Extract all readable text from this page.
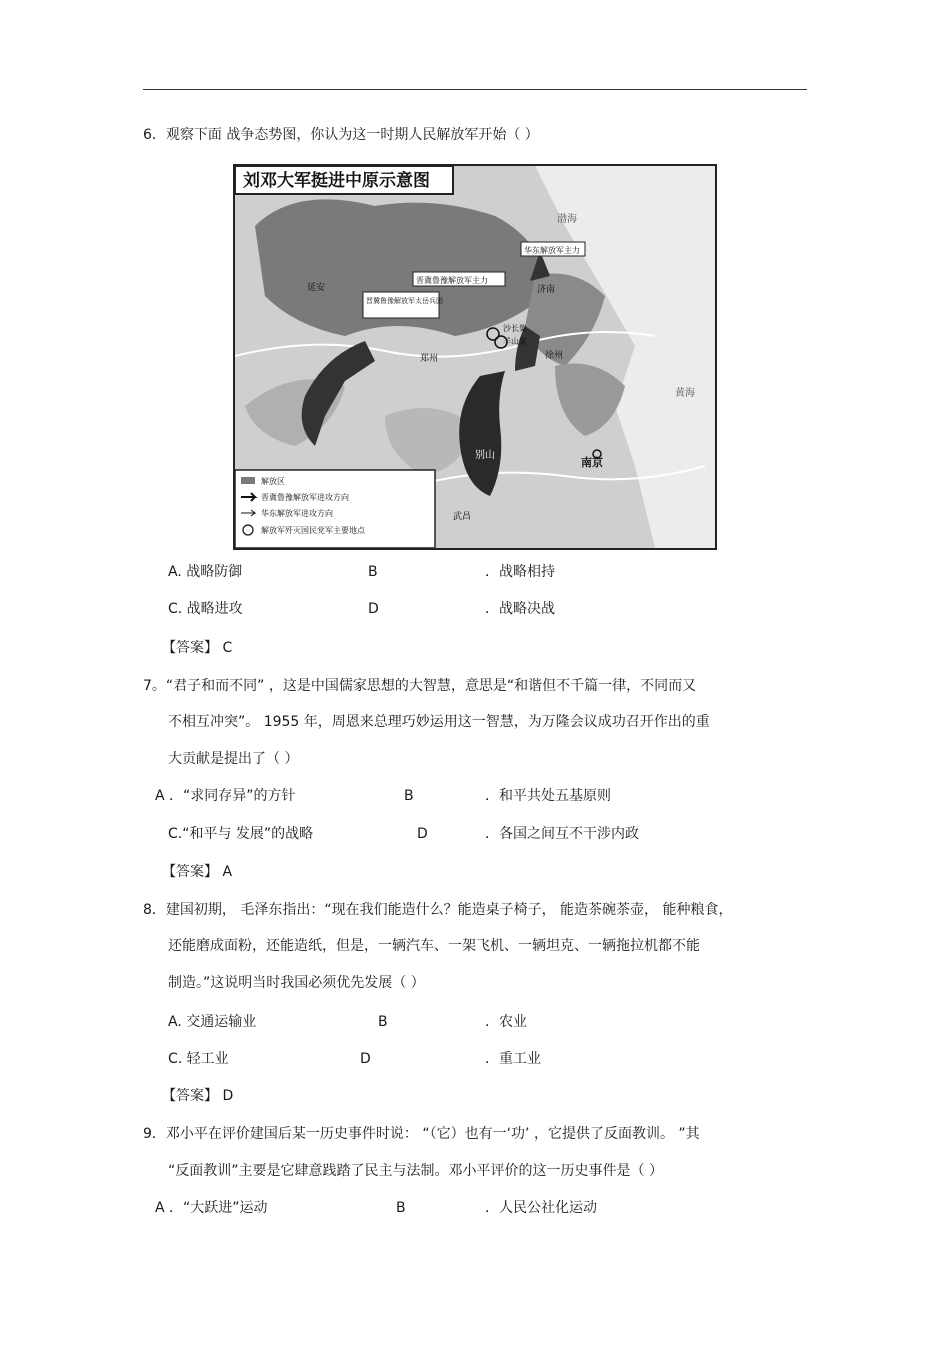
6．观察下面 战争态势图，你认为这一时期人民解放军开始（ ）
刘邓大军挺进中原示意图
延安	济南
郑州	徐州
南京
武昌
沙长集
羊山集
渤海
黄海
别山
晋冀鲁豫解放军主力
晋冀鲁豫解放军太岳兵团
华东解放军主力
解放区
晋冀鲁豫解放军进攻方向
华东解放军进攻方向
解放军歼灭国民党军主要地点
A. 战略防御	B	．战略相持
C. 战略进攻	D	．战略决战
【答案】 C
7。“君子和而不同” ，这是中国儒家思想的大智慧，意思是“和谐但不千篇一律，不同而又
不相互冲突”。 1955 年，周恩来总理巧妙运用这一智慧，为万隆会议成功召开作出的重
大贡献是提出了（ ）
A ．“求同存异”的方针	B	．和平共处五基原则
C.“和平与 发展”的战略	D	．各国之间互不干涉内政
【答案】 A
8．建国初期， 毛泽东指出：“现在我们能造什么？能造桌子椅子， 能造茶碗茶壶， 能种粮食，
还能磨成面粉，还能造纸，但是，一辆汽车、一架飞机、一辆坦克、一辆拖拉机都不能
制造。”这说明当时我国必须优先发展（ ）
A. 交通运输业	B	．农业
C. 轻工业	D	．重工业
【答案】 D
9．邓小平在评价建国后某一历史事件时说： “（它）也有一‘功’ ，它提供了反面教训。 ”其
“反面教训”主要是它肆意践踏了民主与法制。邓小平评价的这一历史事件是（ ）
A ．“大跃进”运动	B	．人民公社化运动
